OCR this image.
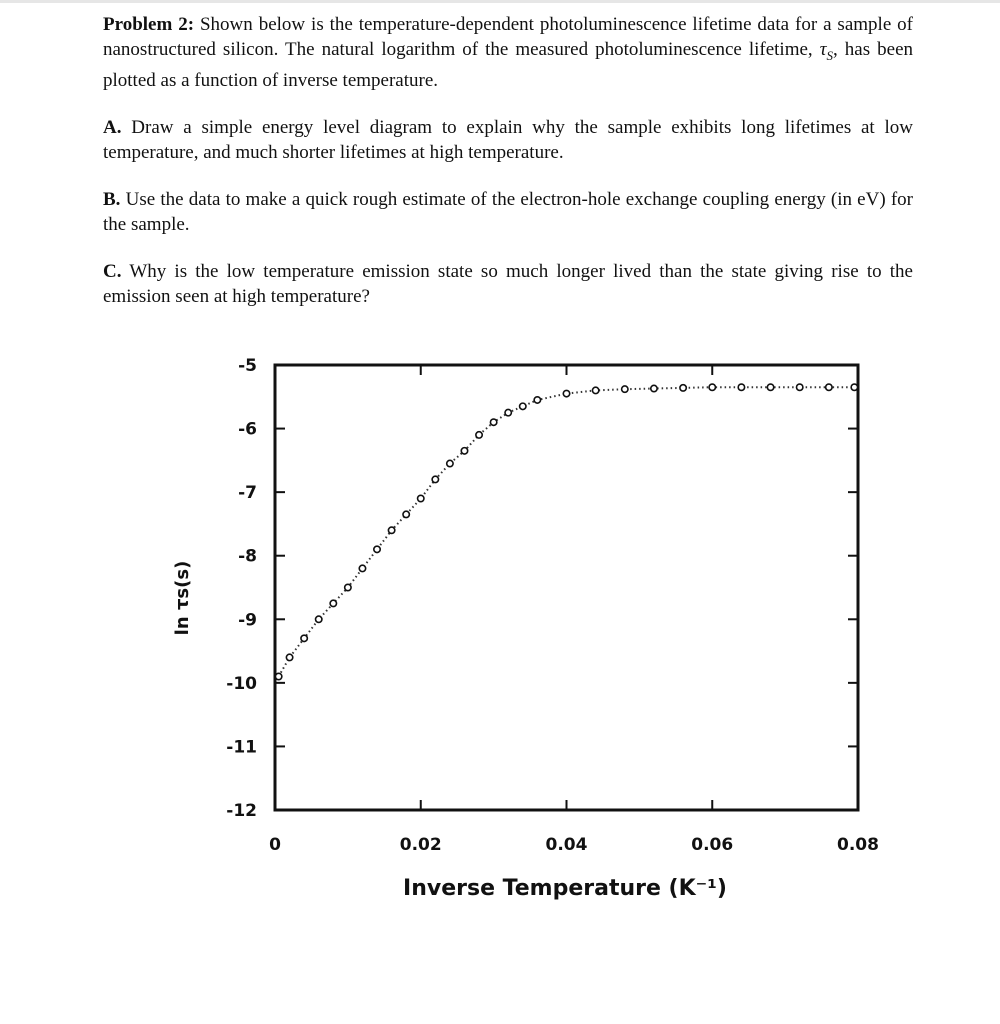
Problem 2: Shown below is the temperature-dependent photoluminescence lifetime data for a sample of nanostructured silicon. The natural logarithm of the measured photoluminescence lifetime, $\tau_S$, has been plotted as a function of inverse temperature.

A. Draw a simple energy level diagram to explain why the sample exhibits long lifetimes at low temperature, and much shorter lifetimes at high temperature.

B. Use the data to make a quick rough estimate of the electron-hole exchange coupling energy (in eV) for the sample.

C. Why is the low temperature emission state so much longer lived than the state giving rise to the emission seen at high temperature?

-5
-6
-7
-8
-9
-10
-11
-12
0	0.02	0.04	0.06	0.08
ln τs(s)
Inverse Temperature (K⁻¹)
